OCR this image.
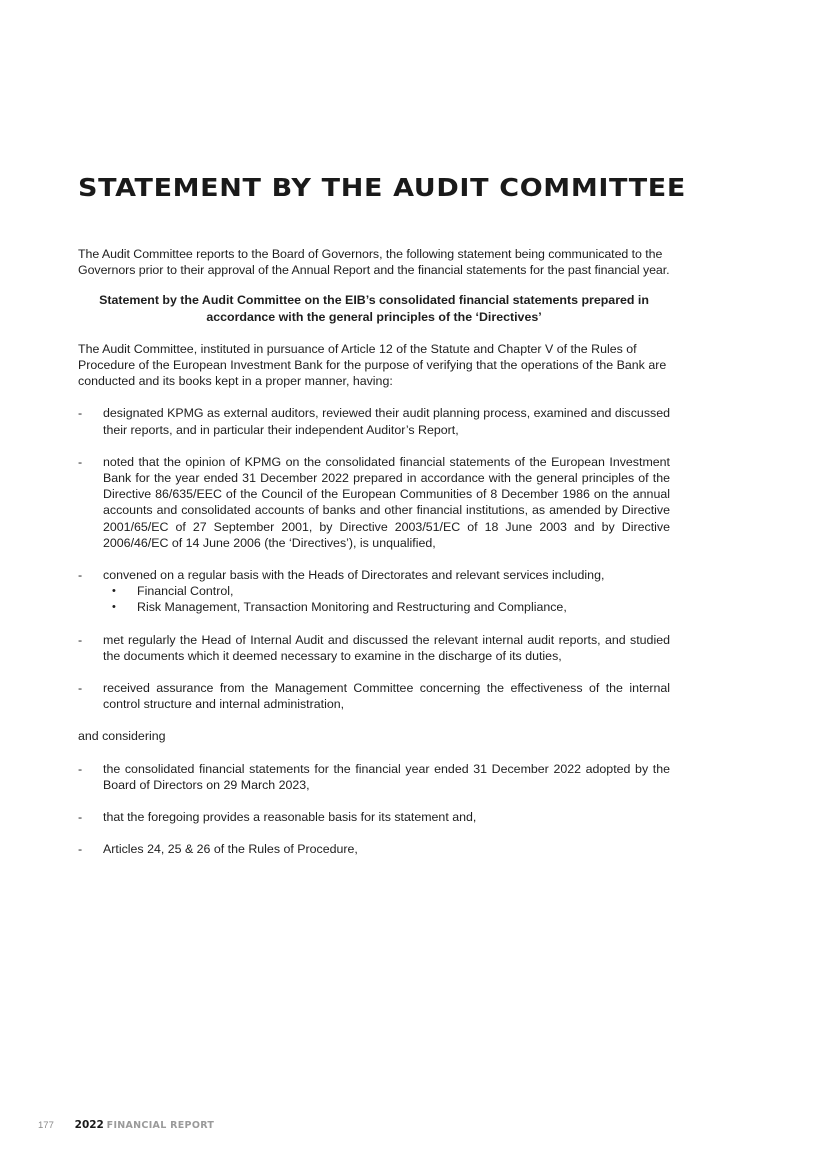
STATEMENT BY THE AUDIT COMMITTEE

The Audit Committee reports to the Board of Governors, the following statement being communicated to the Governors prior to their approval of the Annual Report and the financial statements for the past financial year.

Statement by the Audit Committee on the EIB’s consolidated financial statements prepared in accordance with the general principles of the ‘Directives’

The Audit Committee, instituted in pursuance of Article 12 of the Statute and Chapter V of the Rules of Procedure of the European Investment Bank for the purpose of verifying that the operations of the Bank are conducted and its books kept in a proper manner, having:

- designated KPMG as external auditors, reviewed their audit planning process, examined and discussed their reports, and in particular their independent Auditor’s Report,
- noted that the opinion of KPMG on the consolidated financial statements of the European Investment Bank for the year ended 31 December 2022 prepared in accordance with the general principles of the Directive 86/635/EEC of the Council of the European Communities of 8 December 1986 on the annual accounts and consolidated accounts of banks and other financial institutions, as amended by Directive 2001/65/EC of 27 September 2001, by Directive 2003/51/EC of 18 June 2003 and by Directive 2006/46/EC of 14 June 2006 (the ‘Directives’), is unqualified,
- convened on a regular basis with the Heads of Directorates and relevant services including,
• Financial Control,
• Risk Management, Transaction Monitoring and Restructuring and Compliance,
- met regularly the Head of Internal Audit and discussed the relevant internal audit reports, and studied the documents which it deemed necessary to examine in the discharge of its duties,
- received assurance from the Management Committee concerning the effectiveness of the internal control structure and internal administration,

and considering

- the consolidated financial statements for the financial year ended 31 December 2022 adopted by the Board of Directors on 29 March 2023,
- that the foregoing provides a reasonable basis for its statement and,
- Articles 24, 25 & 26 of the Rules of Procedure,
177 2022 FINANCIAL REPORT
